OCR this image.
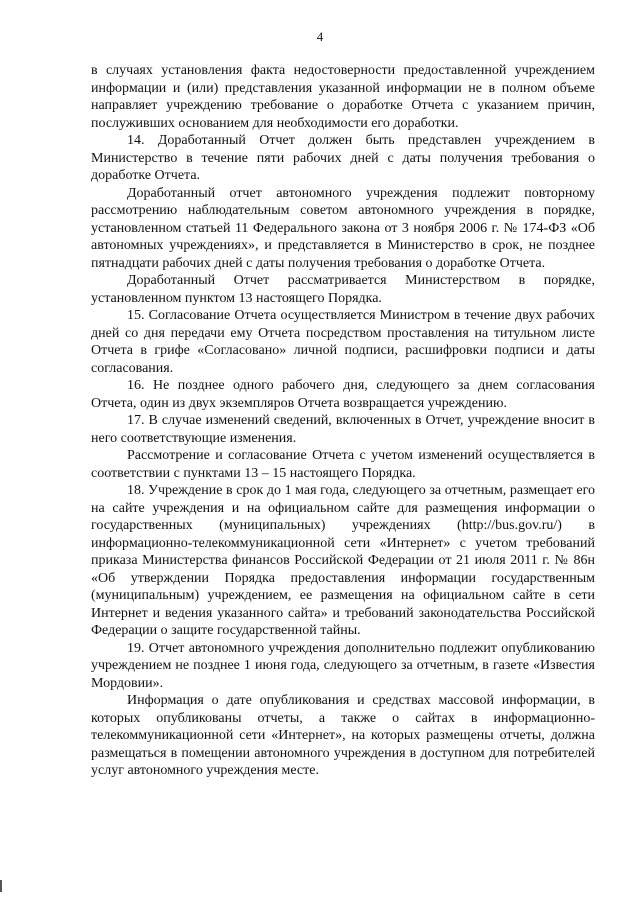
4

в случаях установления факта недостоверности предоставленной учреждением информации и (или) представления указанной информации не в полном объеме направляет учреждению требование о доработке Отчета с указанием причин, послуживших основанием для необходимости его доработки.

14. Доработанный Отчет должен быть представлен учреждением в Министерство в течение пяти рабочих дней с даты получения требования о доработке Отчета.

Доработанный отчет автономного учреждения подлежит повторному рассмотрению наблюдательным советом автономного учреждения в порядке, установленном статьей 11 Федерального закона от 3 ноября 2006 г. № 174-ФЗ «Об автономных учреждениях», и представляется в Министерство в срок, не позднее пятнадцати рабочих дней с даты получения требования о доработке Отчета.

Доработанный Отчет рассматривается Министерством в порядке, установленном пунктом 13 настоящего Порядка.

15. Согласование Отчета осуществляется Министром в течение двух рабочих дней со дня передачи ему Отчета посредством проставления на титульном листе Отчета в грифе «Согласовано» личной подписи, расшифровки подписи и даты согласования.

16. Не позднее одного рабочего дня, следующего за днем согласования Отчета, один из двух экземпляров Отчета возвращается учреждению.

17. В случае изменений сведений, включенных в Отчет, учреждение вносит в него соответствующие изменения.

Рассмотрение и согласование Отчета с учетом изменений осуществляется в соответствии с пунктами 13 – 15 настоящего Порядка.

18. Учреждение в срок до 1 мая года, следующего за отчетным, размещает его на сайте учреждения и на официальном сайте для размещения информации о государственных (муниципальных) учреждениях (http://bus.gov.ru/) в информационно-телекоммуникационной сети «Интернет» с учетом требований приказа Министерства финансов Российской Федерации от 21 июля 2011 г. № 86н «Об утверждении Порядка предоставления информации государственным (муниципальным) учреждением, ее размещения на официальном сайте в сети Интернет и ведения указанного сайта» и требований законодательства Российской Федерации о защите государственной тайны.

19. Отчет автономного учреждения дополнительно подлежит опубликованию учреждением не позднее 1 июня года, следующего за отчетным, в газете «Известия Мордовии».

Информация о дате опубликования и средствах массовой информации, в которых опубликованы отчеты, а также о сайтах в информационно-телекоммуникационной сети «Интернет», на которых размещены отчеты, должна размещаться в помещении автономного учреждения в доступном для потребителей услуг автономного учреждения месте.
